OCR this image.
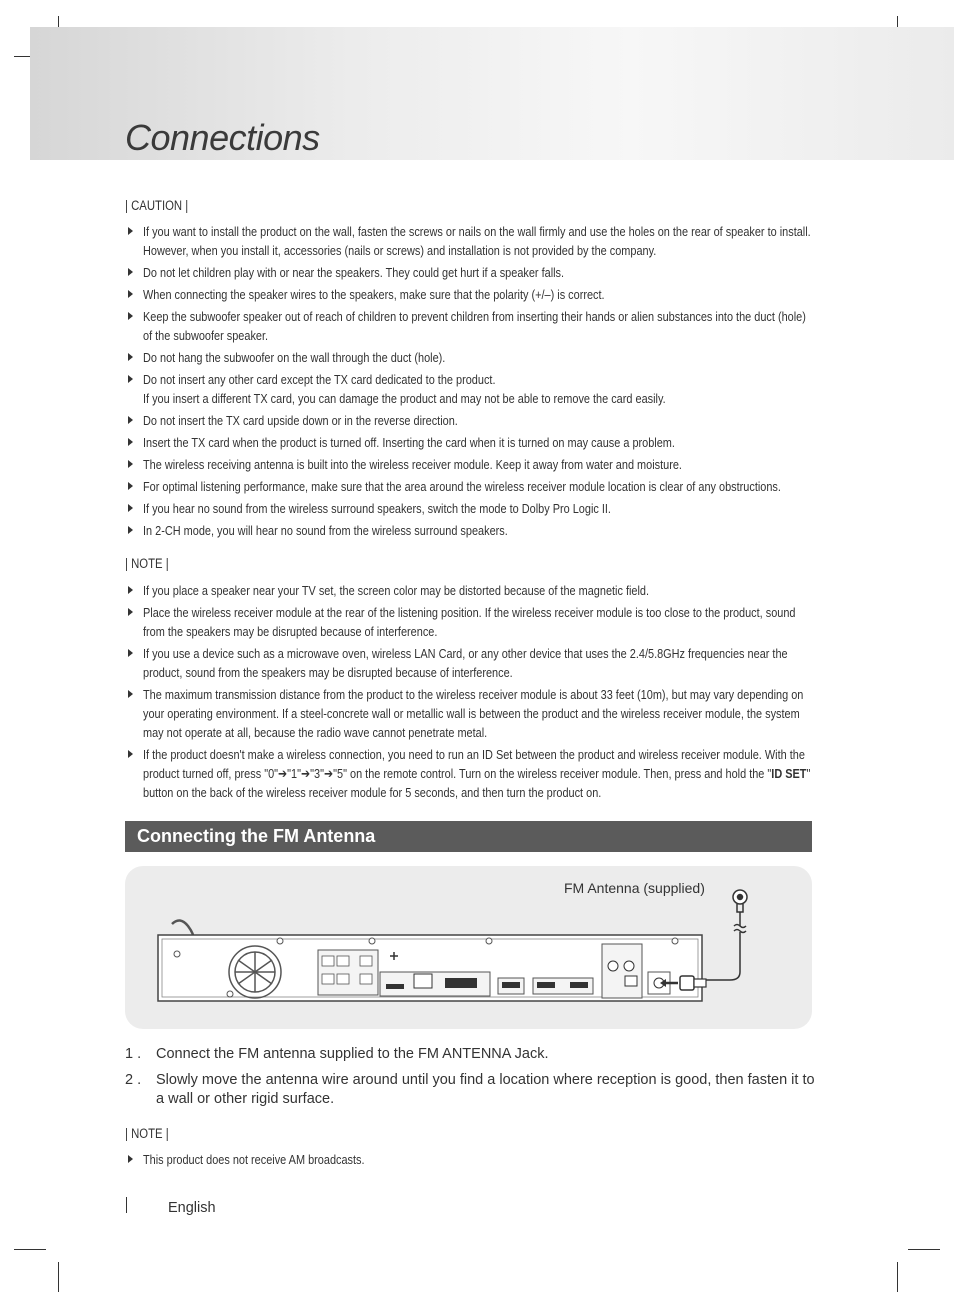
Connections
| CAUTION |
If you want to install the product on the wall, fasten the screws or nails on the wall firmly and use the holes on the rear of speaker to install. However, when you install it, accessories (nails or screws) and installation is not provided by the company.
Do not let children play with or near the speakers. They could get hurt if a speaker falls.
When connecting the speaker wires to the speakers, make sure that the polarity (+/–) is correct.
Keep the subwoofer speaker out of reach of children to prevent children from inserting their hands or alien substances into the duct (hole) of the subwoofer speaker.
Do not hang the subwoofer on the wall through the duct (hole).
Do not insert any other card except the TX card dedicated to the product.
If you insert a different TX card, you can damage the product and may not be able to remove the card easily.
Do not insert the TX card upside down or in the reverse direction.
Insert the TX card when the product is turned off. Inserting the card when it is turned on may cause a problem.
The wireless receiving antenna is built into the wireless receiver module. Keep it away from water and moisture.
For optimal listening performance, make sure that the area around the wireless receiver module location is clear of any obstructions.
If you hear no sound from the wireless surround speakers, switch the mode to Dolby Pro Logic II.
In 2-CH mode, you will hear no sound from the wireless surround speakers.
| NOTE |
If you place a speaker near your TV set, the screen color may be distorted because of the magnetic field.
Place the wireless receiver module at the rear of the listening position. If the wireless receiver module is too close to the product, sound from the speakers may be disrupted because of interference.
If you use a device such as a microwave oven, wireless LAN Card, or any other device that uses the 2.4/5.8GHz frequencies near the product, sound from the speakers may be disrupted because of interference.
The maximum transmission distance from the product to the wireless receiver module is about 33 feet (10m), but may vary depending on your operating environment. If a steel-concrete wall or metallic wall is between the product and the wireless receiver module, the system may not operate at all, because the radio wave cannot penetrate metal.
If the product doesn't make a wireless connection, you need to run an ID Set between the product and wireless receiver module. With the product turned off, press "0"➔"1"➔"3"➔"5" on the remote control. Turn on the wireless receiver module. Then, press and hold the "ID SET" button on the back of the wireless receiver module for 5 seconds, and then turn the product on.
Connecting the FM Antenna
FM Antenna (supplied)
1 . Connect the FM antenna supplied to the FM ANTENNA Jack.
2 . Slowly move the antenna wire around until you find a location where reception is good, then fasten it to a wall or other rigid surface.
| NOTE |
This product does not receive AM broadcasts.
English
